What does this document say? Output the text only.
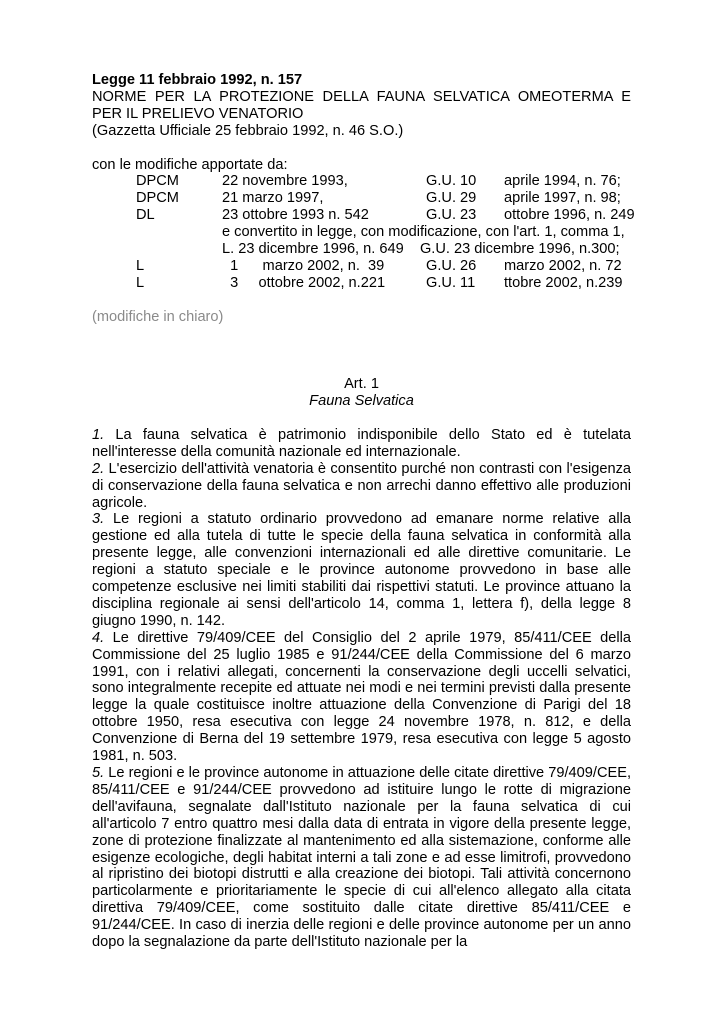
Legge 11 febbraio 1992, n. 157

NORME PER LA PROTEZIONE DELLA FAUNA SELVATICA OMEOTERMA E

PER IL PRELIEVO VENATORIO

(Gazzetta Ufficiale 25 febbraio 1992, n. 46 S.O.)

con le modifiche apportate da:

DPCM	22 novembre 1993,	G.U. 10 aprile 1994, n. 76;
DPCM	21 marzo 1997,	G.U. 29 aprile 1997, n. 98;
DL	23 ottobre 1993 n. 542	G.U. 23 ottobre 1996, n. 249
e convertito in legge, con modificazione, con l'art. 1, comma 1,
L. 23 dicembre 1996, n. 649    G.U. 23 dicembre 1996, n.300;
L	1      marzo 2002, n.  39	G.U. 26 marzo 2002, n. 72
L	3     ottobre 2002, n.221	G.U. 11 ttobre 2002, n.239

(modifiche in chiaro)

Art. 1

Fauna Selvatica

1. La fauna selvatica è patrimonio indisponibile dello Stato ed è tutelata nell'interesse della comunità nazionale ed internazionale.

2. L'esercizio dell'attività venatoria è consentito purché non contrasti con l'esigenza di conservazione della fauna selvatica e non arrechi danno effettivo alle produzioni agricole.

3. Le regioni a statuto ordinario provvedono ad emanare norme relative alla gestione ed alla tutela di tutte le specie della fauna selvatica in conformità alla presente legge, alle convenzioni internazionali ed alle direttive comunitarie. Le regioni a statuto speciale e le province autonome provvedono in base alle competenze esclusive nei limiti stabiliti dai rispettivi statuti. Le province attuano la disciplina regionale ai sensi dell'articolo 14, comma 1, lettera f), della legge 8 giugno 1990, n. 142.

4. Le direttive 79/409/CEE del Consiglio del 2 aprile 1979, 85/411/CEE della Commissione del 25 luglio 1985 e 91/244/CEE della Commissione del 6 marzo 1991, con i relativi allegati, concernenti la conservazione degli uccelli selvatici, sono integralmente recepite ed attuate nei modi e nei termini previsti dalla presente legge la quale costituisce inoltre attuazione della Convenzione di Parigi del 18 ottobre 1950, resa esecutiva con legge 24 novembre 1978, n. 812, e della Convenzione di Berna del 19 settembre 1979, resa esecutiva con legge 5 agosto 1981, n. 503.

5. Le regioni e le province autonome in attuazione delle citate direttive 79/409/CEE, 85/411/CEE e 91/244/CEE provvedono ad istituire lungo le rotte di migrazione dell'avifauna, segnalate dall'Istituto nazionale per la fauna selvatica di cui all'articolo 7 entro quattro mesi dalla data di entrata in vigore della presente legge, zone di protezione finalizzate al mantenimento ed alla sistemazione, conforme alle esigenze ecologiche, degli habitat interni a tali zone e ad esse limitrofi, provvedono al ripristino dei biotopi distrutti e alla creazione dei biotopi. Tali attività concernono particolarmente e prioritariamente le specie di cui all'elenco allegato alla citata direttiva 79/409/CEE, come sostituito dalle citate direttive 85/411/CEE e 91/244/CEE. In caso di inerzia delle regioni e delle province autonome per un anno dopo la segnalazione da parte dell'Istituto nazionale per la
